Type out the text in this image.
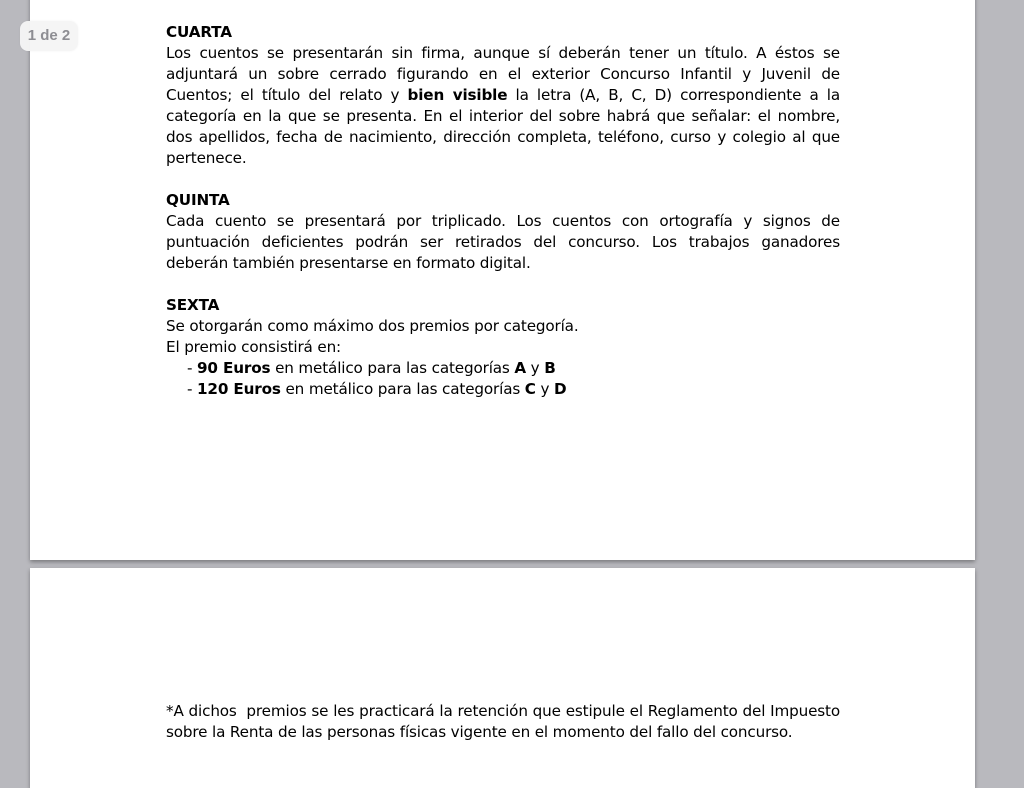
CUARTA
Los cuentos se presentarán sin firma, aunque sí deberán tener un título. A éstos se adjuntará un sobre cerrado figurando en el exterior Concurso Infantil y Juvenil de Cuentos; el título del relato y bien visible la letra (A, B, C, D) correspondiente a la categoría en la que se presenta. En el interior del sobre habrá que señalar: el nombre, dos apellidos, fecha de nacimiento, dirección completa, teléfono, curso y colegio al que pertenece.
QUINTA
Cada cuento se presentará por triplicado. Los cuentos con ortografía y signos de puntuación deficientes podrán ser retirados del concurso. Los trabajos ganadores deberán también presentarse en formato digital.
SEXTA
Se otorgarán como máximo dos premios por categoría.
El premio consistirá en:
- 90 Euros en metálico para las categorías A y B
- 120 Euros en metálico para las categorías C y D
*A dichos  premios se les practicará la retención que estipule el Reglamento del Impuesto sobre la Renta de las personas físicas vigente en el momento del fallo del concurso.
1 de 2
